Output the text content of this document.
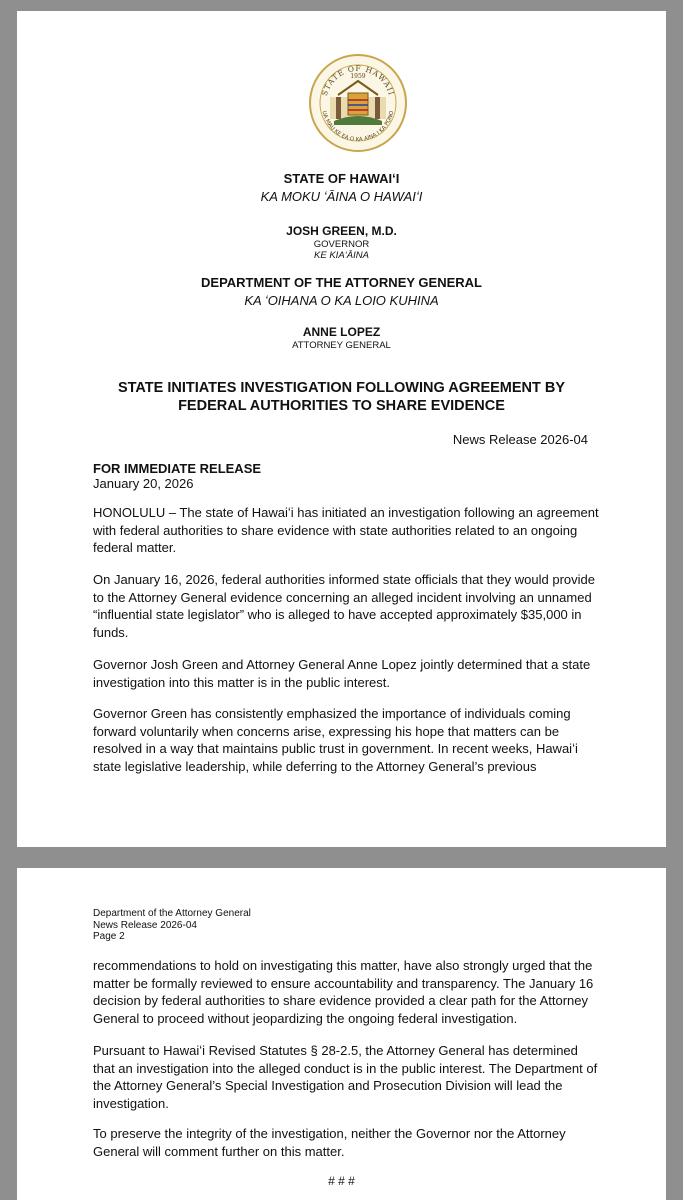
STATE OF HAWAII
1959
UA MAU KE EA O KA AINA I KA PONO
STATE OF HAWAIʻI
KA MOKU ʻĀINA O HAWAIʻI
JOSH GREEN, M.D.
GOVERNOR
KE KIAʻĀINA
DEPARTMENT OF THE ATTORNEY GENERAL
KA ʻOIHANA O KA LOIO KUHINA
ANNE LOPEZ
ATTORNEY GENERAL
STATE INITIATES INVESTIGATION FOLLOWING AGREEMENT BY
FEDERAL AUTHORITIES TO SHARE EVIDENCE
News Release 2026-04
FOR IMMEDIATE RELEASE
January 20, 2026

HONOLULU – The state of Hawaiʻi has initiated an investigation following an agreement with federal authorities to share evidence with state authorities related to an ongoing federal matter.

On January 16, 2026, federal authorities informed state officials that they would provide to the Attorney General evidence concerning an alleged incident involving an unnamed “influential state legislator” who is alleged to have accepted approximately $35,000 in funds.

Governor Josh Green and Attorney General Anne Lopez jointly determined that a state investigation into this matter is in the public interest.

Governor Green has consistently emphasized the importance of individuals coming forward voluntarily when concerns arise, expressing his hope that matters can be resolved in a way that maintains public trust in government. In recent weeks, Hawaiʻi state legislative leadership, while deferring to the Attorney General’s previous

Department of the Attorney General
News Release 2026-04
Page 2

recommendations to hold on investigating this matter, have also strongly urged that the matter be formally reviewed to ensure accountability and transparency. The January 16 decision by federal authorities to share evidence provided a clear path for the Attorney General to proceed without jeopardizing the ongoing federal investigation.

Pursuant to Hawaiʻi Revised Statutes § 28-2.5, the Attorney General has determined that an investigation into the alleged conduct is in the public interest. The Department of the Attorney General’s Special Investigation and Prosecution Division will lead the investigation.

To preserve the integrity of the investigation, neither the Governor nor the Attorney General will comment further on this matter.

# # #
